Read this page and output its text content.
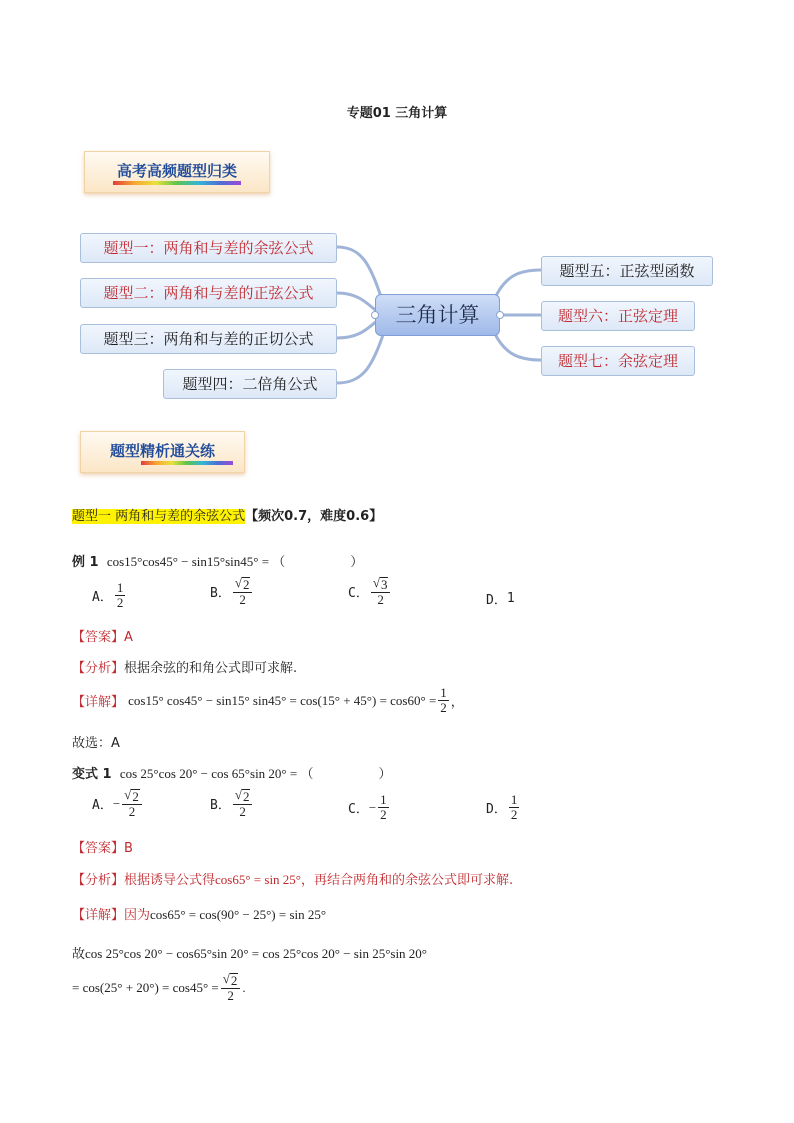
专题01 三角计算
高考高频题型归类
题型一：两角和与差的余弦公式
题型二：两角和与差的正弦公式
题型三：两角和与差的正切公式
题型四：二倍角公式
三角计算
题型五：正弦型函数
题型六：正弦定理
题型七：余弦定理
题型精析通关练
题型一 两角和与差的余弦公式【频次0.7，难度0.6】
例 1 cos15°cos45° − sin15°sin45° = （　　　　　）
A． $\frac{1}{2}$	B． $\frac{√ 2}{2}$	C． $\frac{√ 3}{2}$	D． 1
【答案】A
【分析】根据余弦的和角公式即可求解.
【详解】
cos15° cos45° − sin15° $\sin 45^\circ = \cos(15^\circ + 45^\circ) = \cos 60^\circ = \frac{1}{2}$ ，
故选：A
变式 1 cos 25°cos 20° − cos 65°sin 20° = （　　　　　）
A． − $\frac{√ 2}{2}$	B． $\frac{√ 2}{2}$	C． − $\frac{1}{2}$	D． $\frac{1}{2}$
【答案】B
【分析】根据诱导公式得cos65° = sin 25°，再结合两角和的余弦公式即可求解.
【详解】因为cos65° = cos(90° − 25°) = sin 25°
故cos 25°cos 20° − cos65°sin 20° = cos 25°cos 20° − sin 25°sin 20°
= $\cos(25^\circ + 20^\circ) = \cos 45^\circ = \frac{√ 2}{2}$ .
